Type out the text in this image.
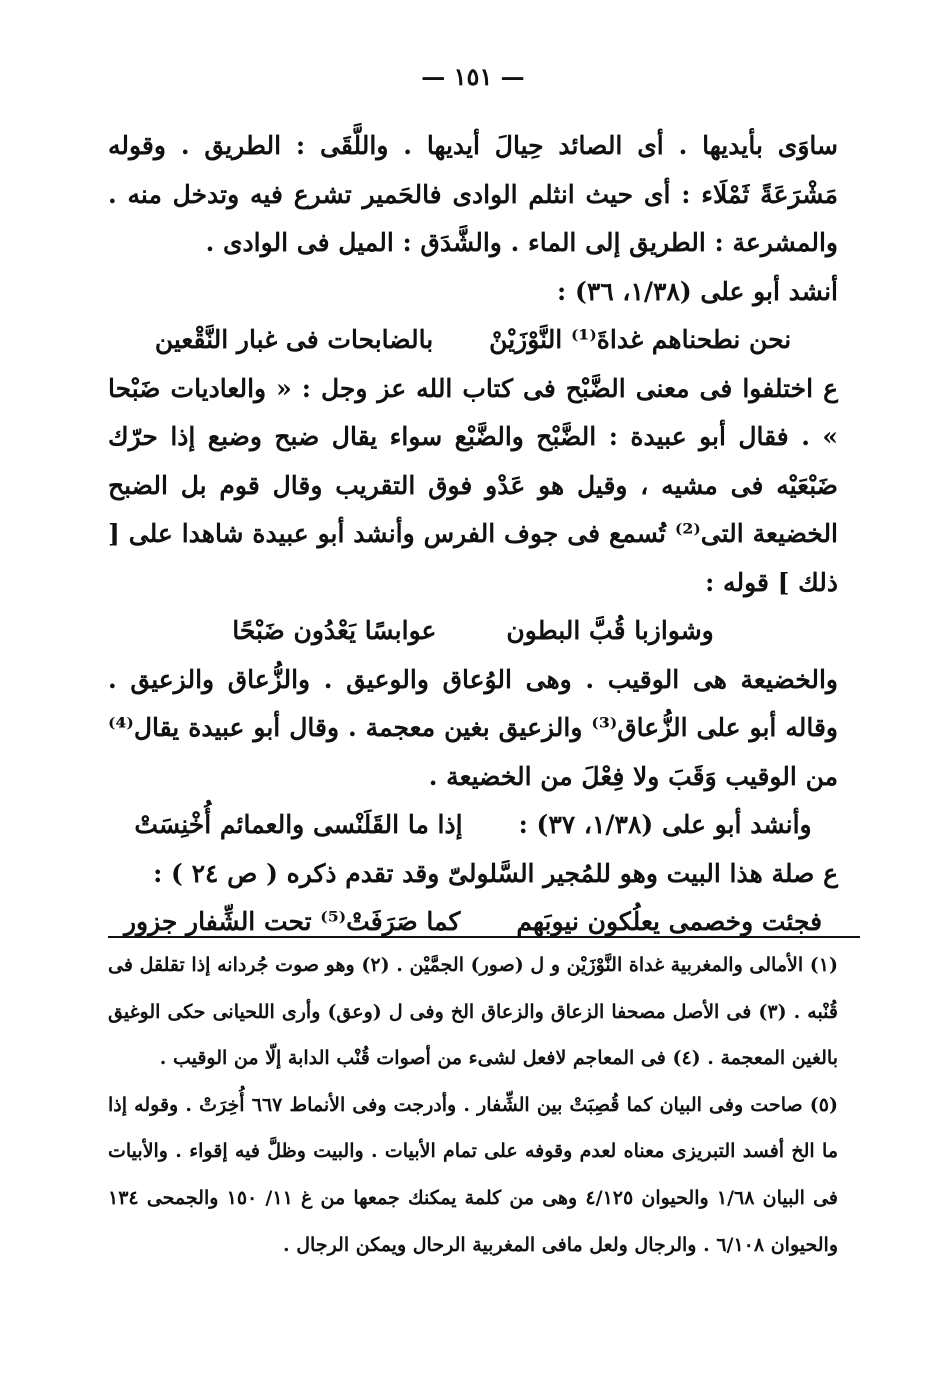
— ١٥١ —

ساوَى بأيديها . أى الصائد حِيالَ أيديها . واللَّقَى : الطريق . وقوله مَشْرَعَةً ثَمْلَاء : أى حيث انثلم الوادى فالحَمير تشرع فيه وتدخل منه . والمشرعة : الطريق إلى الماء . والشَّدَق : الميل فى الوادى .

أنشد أبو على (١/٣٨، ٣٦) :

نحن نطحناهم غداةَ⁽¹⁾ النَّوْزَيْنْ
بالضابحات فى غبار النَّقْعين

ع اختلفوا فى معنى الضَّبْح فى كتاب الله عز وجل : « والعاديات ضَبْحا » . فقال أبو عبيدة : الضَّبْح والضَّبْع سواء يقال ضبح وضبع إذا حرّك ضَبْعَيْه فى مشيه ، وقيل هو عَدْو فوق التقريب وقال قوم بل الضبح الخضيعة التى⁽²⁾ تُسمع فى جوف الفرس وأنشد أبو عبيدة شاهدا على [ ذلك ] قوله :

وشوازبا قُبَّ البطون
عوابسًا يَعْدُون ضَبْحًا

والخضيعة هى الوقيب . وهى الوُعاق والوعيق . والزُّعاق والزعيق . وقاله أبو على الزُّعاق⁽³⁾ والزعيق بغين معجمة . وقال أبو عبيدة يقال⁽⁴⁾ من الوقيب وَقَبَ ولا فِعْلَ من الخضيعة .

وأنشد أبو على (١/٣٨، ٣٧) :
إذا ما القَلَنْسى والعمائم أُخْنِسَتْ

ع صلة هذا البيت وهو للمُجير السَّلولىّ وقد تقدم ذكره ( ص ٢٤ ) :

فجئت وخصمى يعلُكون نيوبَهم
كما صَرَفَتْ⁽⁵⁾ تحت الشِّفار جزور

(١) الأمالى والمغربية غداة النَّوْزَيْن و ل (صور) الجمَّيْن . (٢) وهو صوت جُردانه إذا تقلقل فى قُنْبه . (٣) فى الأصل مصحفا الزعاق والزعاق الخ وفى ل (وعق) وأرى اللحيانى حكى الوغيق بالغين المعجمة . (٤) فى المعاجم لافعل لشىء من أصوات قُنْب الدابة إلّا من الوقيب .

(٥) صاحت وفى البيان كما قُصِبَتْ بين الشِّفار . وأدرجت وفى الأنماط ٦٦٧ أُخِرَتْ . وقوله إذا ما الخ أفسد التبريزى معناه لعدم وقوفه على تمام الأبيات . والبيت وظلَّ فيه إقواء . والأبيات فى البيان ١/٦٨ والحيوان ٤/١٢٥ وهى من كلمة يمكنك جمعها من غ ١١/ ١٥٠ والجمحى ١٣٤ والحيوان ٦/١٠٨ . والرجال ولعل مافى المغربية الرحال ويمكن الرجال .
